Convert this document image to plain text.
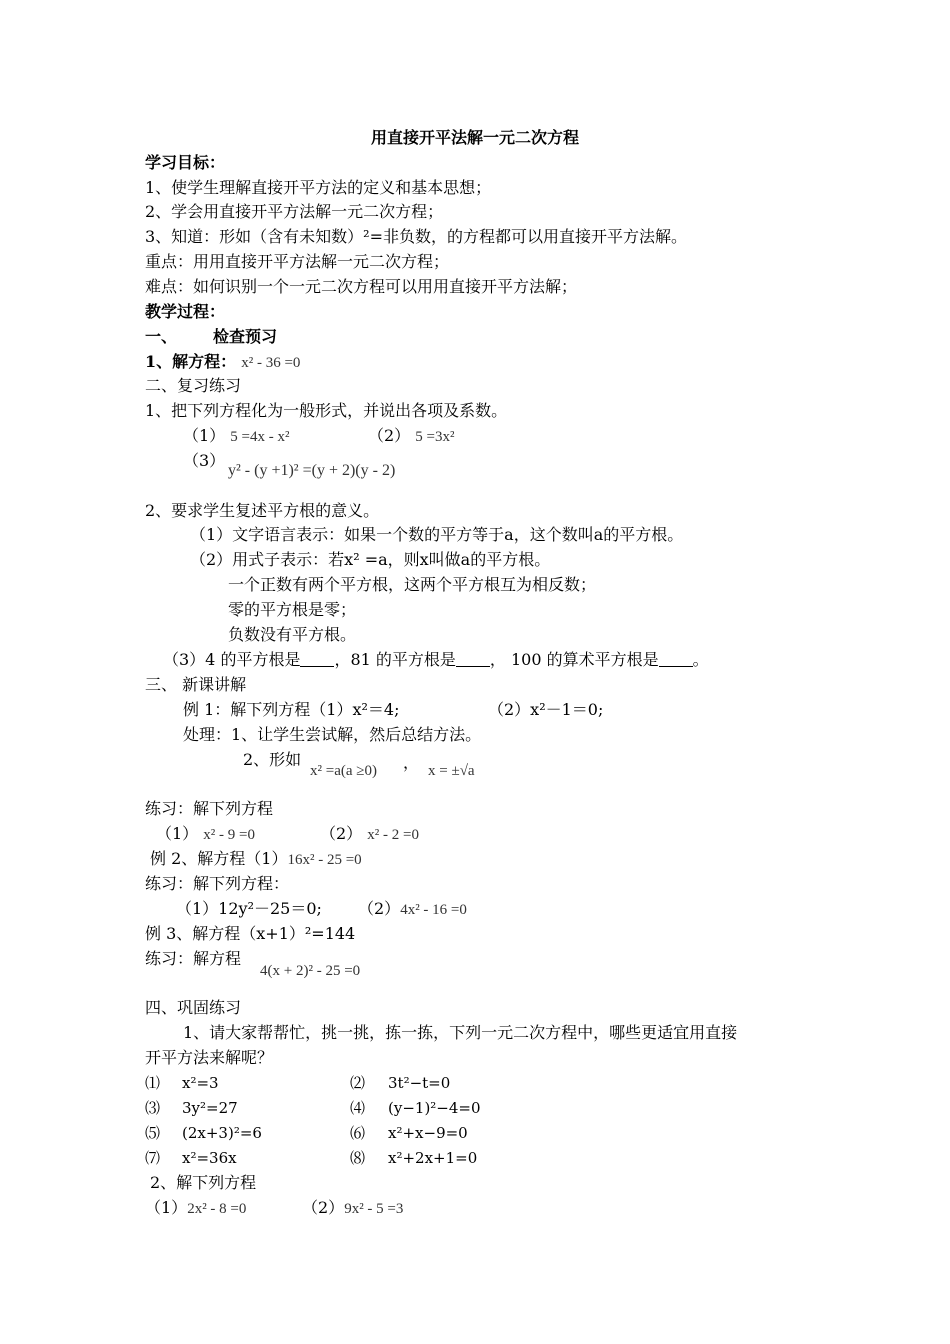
用直接开平法解一元二次方程
学习目标：
1、使学生理解直接开平方法的定义和基本思想；
2、学会用直接开平方法解一元二次方程；
3、知道：形如（含有未知数）²=非负数，的方程都可以用直接开平方法解。
重点：用用直接开平方法解一元二次方程；
难点：如何识别一个一元二次方程可以用用直接开平方法解；
教学过程：
一、 检查预习
1、解方程： x² - 36 =0
二、复习练习
1、把下列方程化为一般形式，并说出各项及系数。
（1） 5 =4x - x²	（2） 5 =3x²
（3）
y² - (y +1)² =(y + 2)(y - 2)
2、要求学生复述平方根的意义。
（1）文字语言表示：如果一个数的平方等于a，这个数叫a的平方根。
（2）用式子表示：若x² =a，则x叫做a的平方根。
一个正数有两个平方根，这两个平方根互为相反数；
零的平方根是零；
负数没有平方根。
（3）4 的平方根是 ，81 的平方根是 ， 100 的算术平方根是 。
三、 新课讲解
例 1：解下列方程（1）x²＝4;	（2）x²－1＝0;
处理：1、让学生尝试解，然后总结方法。
2、形如
x² =a(a ≥0) ， x = ±√a
练习：解下列方程
（1） x² - 9 =0	（2） x² - 2 =0
例 2、解方程（1）16x² - 25 =0
练习：解下列方程：
（1）12y²－25＝0; （2）4x² - 16 =0
例 3、解方程（x+1）²=144
练习：解方程
4(x + 2)² - 25 =0
四、巩固练习
1、请大家帮帮忙，挑一挑，拣一拣，下列一元二次方程中，哪些更适宜用直接
开平方法来解呢？
⑴ x²=3	⑵ 3t²−t=0
⑶ 3y²=27	⑷ (y−1)²−4=0
⑸ (2x+3)²=6	⑹ x²+x−9=0
⑺ x²=36x	⑻ x²+2x+1=0
2、解下列方程
（1）2x² - 8 =0	（2）9x² - 5 =3
